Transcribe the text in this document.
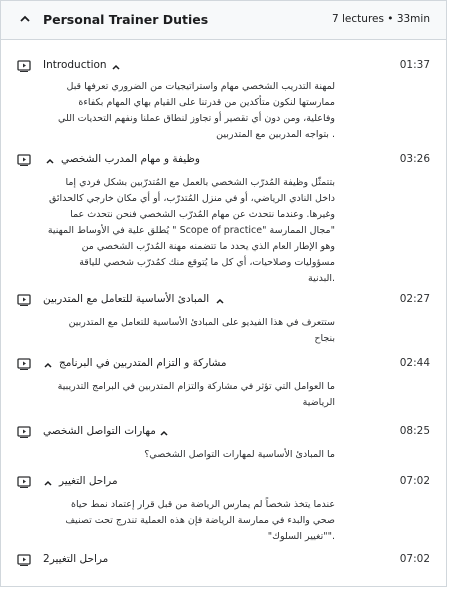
Personal Trainer Duties	7 lectures • 33min
Introduction	01:37

لمهنة التدريب الشخصي مهام واستراتيجيات من الضروري تعرفها قبل
ممارستها لنكون متأكدين من قدرتنا على القيام بهاي المهام بكفاءة
وفاعلية، ومن دون أي تقصير أو تجاوز لنطاق عملنا ونفهم التحديات اللي
. بتواجه المدربين مع المتدربين

وظيفة و مهام المدرب الشخصي	03:26

بتتمثّل وظيفة المُدرّب الشخصي بالعمل مع المُتدرّبين بشكل فردي إما
داخل النادي الرياضي، أو في منزل المُتدرّب، أو أي مكان خارجي كالحدائق
وغيرها. وعندما نتحدث عن مهام المُدرّب الشخصي فنحن نتحدث عما
"مجال الممارسة "Scope of practice " يُطلق علية في الأوساط المهنية
وهو الإطار العام الذي يحدد ما تتضمنه مهنة المُدرّب الشخصي من
مسؤوليات وصلاحيات، أي كل ما يُتوقع منك كمُدرّب شخصي للياقة
.البدنية

المبادئ الأساسية للتعامل مع المتدربين	02:27

ستتعرف في هذا الفيديو على المبادئ الأساسية للتعامل مع المتدربين
بنجاح

مشاركة و التزام المتدربين في البرنامج	02:44

ما العوامل التي تؤثر في مشاركة والتزام المتدربين في البرامج التدريبية
الرياضية

مهارات التواصل الشخصي	08:25

ما المبادئ الأساسية لمهارات التواصل الشخصي؟

مراحل التغيير	07:02

عندما يتخذ شخصاً لم يمارس الرياضة من قبل قرار إعتماد نمط حياة
صحي والبدء في ممارسة الرياضة فإن هذه العملية تندرج تحت تصنيف
.""تغيير السلوك"

مراحل التغيير2	07:02
